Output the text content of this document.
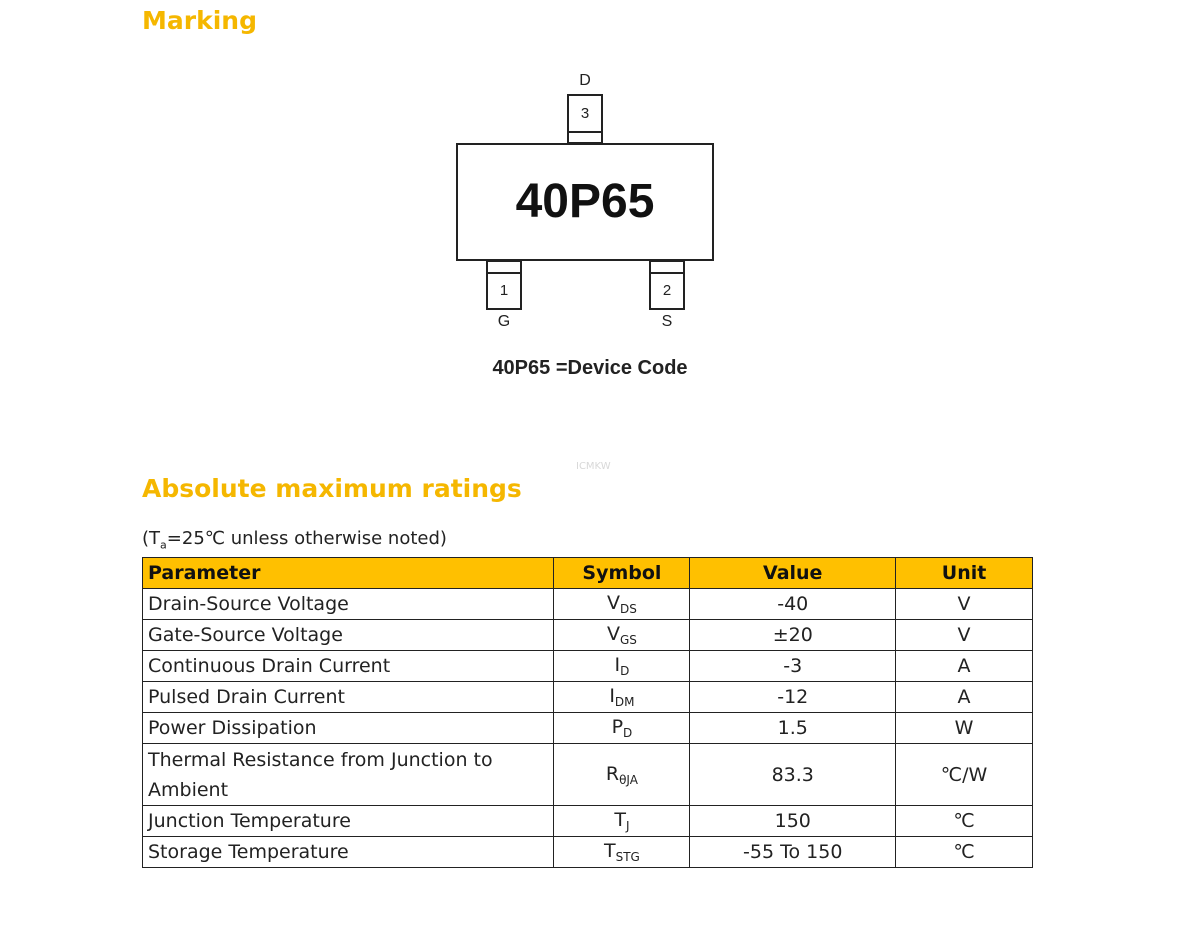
Marking
D
3
40P65
1
G
2
S
40P65 =Device Code
ICMKW
Absolute maximum ratings
($T_a=25℃$ unless otherwise noted)
Parameter	Symbol	Value	Unit
Drain-Source Voltage	$V_{DS}$	-40	V
Gate-Source Voltage	$V_{GS}$	±20	V
Continuous Drain Current	$I_D$	-3	A
Pulsed Drain Current	$I_{DM}$	-12	A
Power Dissipation	$P_D$	1.5	W
Thermal Resistance from Junction to Ambient	$R_{\theta JA}$	83.3	℃/W
Junction Temperature	$T_J$	150	℃
Storage Temperature	$T_{STG}$	-55 To 150	℃
